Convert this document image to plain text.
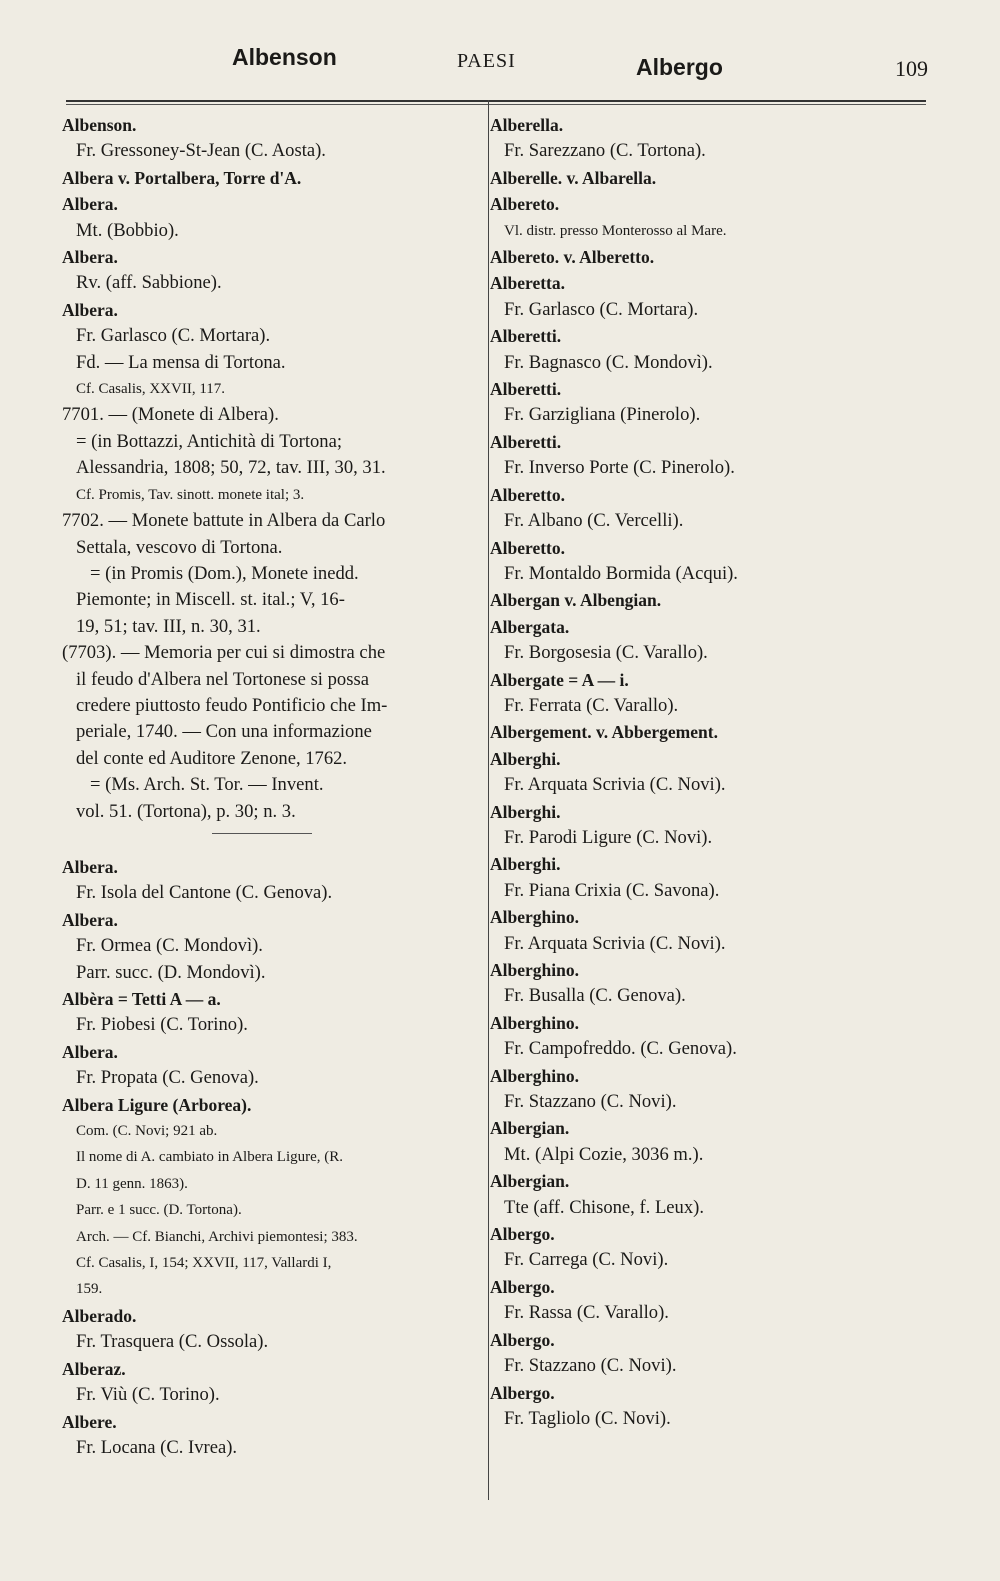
Albenson	PAESI	Albergo	109
Albenson.
Fr. Gressoney-St-Jean (C. Aosta).
Albera v. Portalbera, Torre d'A.
Albera.
Mt. (Bobbio).
Albera.
Rv. (aff. Sabbione).
Albera.
Fr. Garlasco (C. Mortara).
Fd. — La mensa di Tortona.
Cf. Casalis, XXVII, 117.
7701. — (Monete di Albera).
= (in Bottazzi, Antichità di Tortona;
Alessandria, 1808; 50, 72, tav. III, 30, 31.
Cf. Promis, Tav. sinott. monete ital; 3.
7702. — Monete battute in Albera da Carlo
Settala, vescovo di Tortona.
= (in Promis (Dom.), Monete inedd.
Piemonte; in Miscell. st. ital.; V, 16-
19, 51; tav. III, n. 30, 31.
(7703). — Memoria per cui si dimostra che
il feudo d'Albera nel Tortonese si possa
credere piuttosto feudo Pontificio che Im-
periale, 1740. — Con una informazione
del conte ed Auditore Zenone, 1762.
= (Ms. Arch. St. Tor. — Invent.
vol. 51. (Tortona), p. 30; n. 3.
Albera.
Fr. Isola del Cantone (C. Genova).
Albera.
Fr. Ormea (C. Mondovì).
Parr. succ. (D. Mondovì).
Albèra = Tetti A — a.
Fr. Piobesi (C. Torino).
Albera.
Fr. Propata (C. Genova).
Albera Ligure (Arborea).
Com. (C. Novi; 921 ab.
Il nome di A. cambiato in Albera Ligure, (R.
D. 11 genn. 1863).
Parr. e 1 succ. (D. Tortona).
Arch. — Cf. Bianchi, Archivi piemontesi; 383.
Cf. Casalis, I, 154; XXVII, 117, Vallardi I,
159.
Alberado.
Fr. Trasquera (C. Ossola).
Alberaz.
Fr. Viù (C. Torino).
Albere.
Fr. Locana (C. Ivrea).
Alberella.
Fr. Sarezzano (C. Tortona).
Alberelle. v. Albarella.
Albereto.
Vl. distr. presso Monterosso al Mare.
Albereto. v. Alberetto.
Alberetta.
Fr. Garlasco (C. Mortara).
Alberetti.
Fr. Bagnasco (C. Mondovì).
Alberetti.
Fr. Garzigliana (Pinerolo).
Alberetti.
Fr. Inverso Porte (C. Pinerolo).
Alberetto.
Fr. Albano (C. Vercelli).
Alberetto.
Fr. Montaldo Bormida (Acqui).
Albergan v. Albengian.
Albergata.
Fr. Borgosesia (C. Varallo).
Albergate = A — i.
Fr. Ferrata (C. Varallo).
Albergement. v. Abbergement.
Alberghi.
Fr. Arquata Scrivia (C. Novi).
Alberghi.
Fr. Parodi Ligure (C. Novi).
Alberghi.
Fr. Piana Crixia (C. Savona).
Alberghino.
Fr. Arquata Scrivia (C. Novi).
Alberghino.
Fr. Busalla (C. Genova).
Alberghino.
Fr. Campofreddo. (C. Genova).
Alberghino.
Fr. Stazzano (C. Novi).
Albergian.
Mt. (Alpi Cozie, 3036 m.).
Albergian.
Tte (aff. Chisone, f. Leux).
Albergo.
Fr. Carrega (C. Novi).
Albergo.
Fr. Rassa (C. Varallo).
Albergo.
Fr. Stazzano (C. Novi).
Albergo.
Fr. Tagliolo (C. Novi).
